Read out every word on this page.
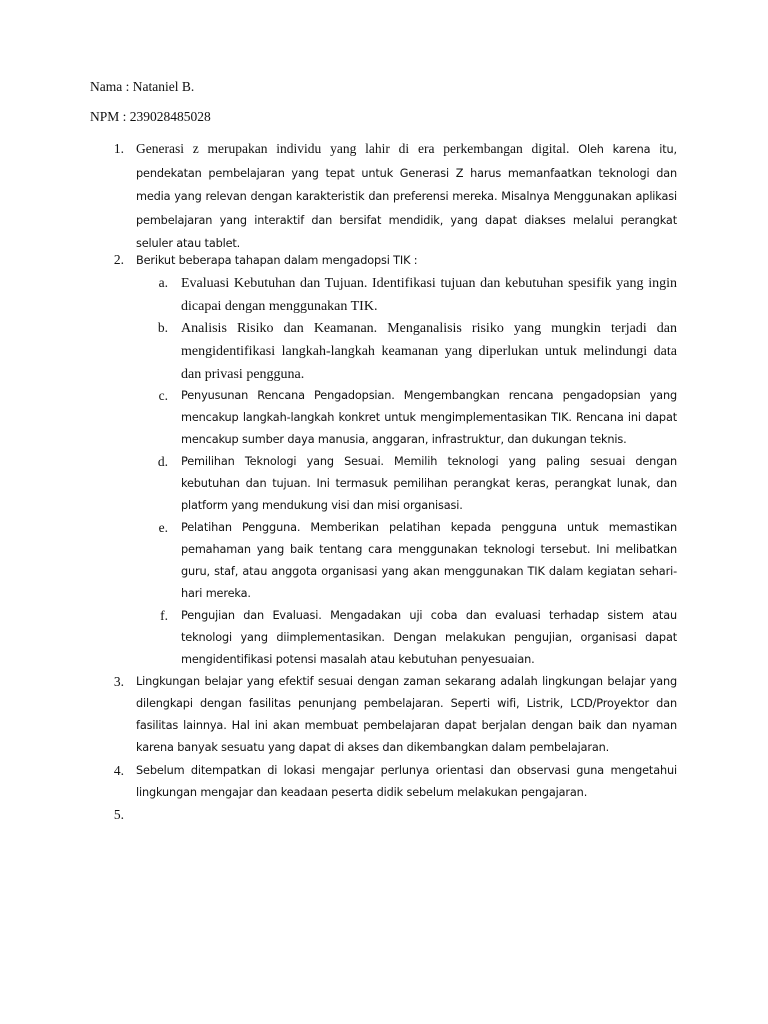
Nama : Nataniel B.
NPM : 239028485028
1. Generasi z merupakan individu yang lahir di era perkembangan digital. Oleh karena itu, pendekatan pembelajaran yang tepat untuk Generasi Z harus memanfaatkan teknologi dan media yang relevan dengan karakteristik dan preferensi mereka. Misalnya Menggunakan aplikasi pembelajaran yang interaktif dan bersifat mendidik, yang dapat diakses melalui perangkat seluler atau tablet.

2. Berikut beberapa tahapan dalam mengadopsi TIK :

a. Evaluasi Kebutuhan dan Tujuan. Identifikasi tujuan dan kebutuhan spesifik yang ingin dicapai dengan menggunakan TIK.

b. Analisis Risiko dan Keamanan. Menganalisis risiko yang mungkin terjadi dan mengidentifikasi langkah-langkah keamanan yang diperlukan untuk melindungi data dan privasi pengguna.

c. Penyusunan Rencana Pengadopsian. Mengembangkan rencana pengadopsian yang mencakup langkah-langkah konkret untuk mengimplementasikan TIK. Rencana ini dapat mencakup sumber daya manusia, anggaran, infrastruktur, dan dukungan teknis.

d. Pemilihan Teknologi yang Sesuai. Memilih teknologi yang paling sesuai dengan kebutuhan dan tujuan. Ini termasuk pemilihan perangkat keras, perangkat lunak, dan platform yang mendukung visi dan misi organisasi.

e. Pelatihan Pengguna. Memberikan pelatihan kepada pengguna untuk memastikan pemahaman yang baik tentang cara menggunakan teknologi tersebut. Ini melibatkan guru, staf, atau anggota organisasi yang akan menggunakan TIK dalam kegiatan sehari-hari mereka.

f. Pengujian dan Evaluasi. Mengadakan uji coba dan evaluasi terhadap sistem atau teknologi yang diimplementasikan. Dengan melakukan pengujian, organisasi dapat mengidentifikasi potensi masalah atau kebutuhan penyesuaian.

3. Lingkungan belajar yang efektif sesuai dengan zaman sekarang adalah lingkungan belajar yang dilengkapi dengan fasilitas penunjang pembelajaran. Seperti wifi, Listrik, LCD/Proyektor dan fasilitas lainnya. Hal ini akan membuat pembelajaran dapat berjalan dengan baik dan nyaman karena banyak sesuatu yang dapat di akses dan dikembangkan dalam pembelajaran.

4. Sebelum ditempatkan di lokasi mengajar perlunya orientasi dan observasi guna mengetahui lingkungan mengajar dan keadaan peserta didik sebelum melakukan pengajaran.

5.
